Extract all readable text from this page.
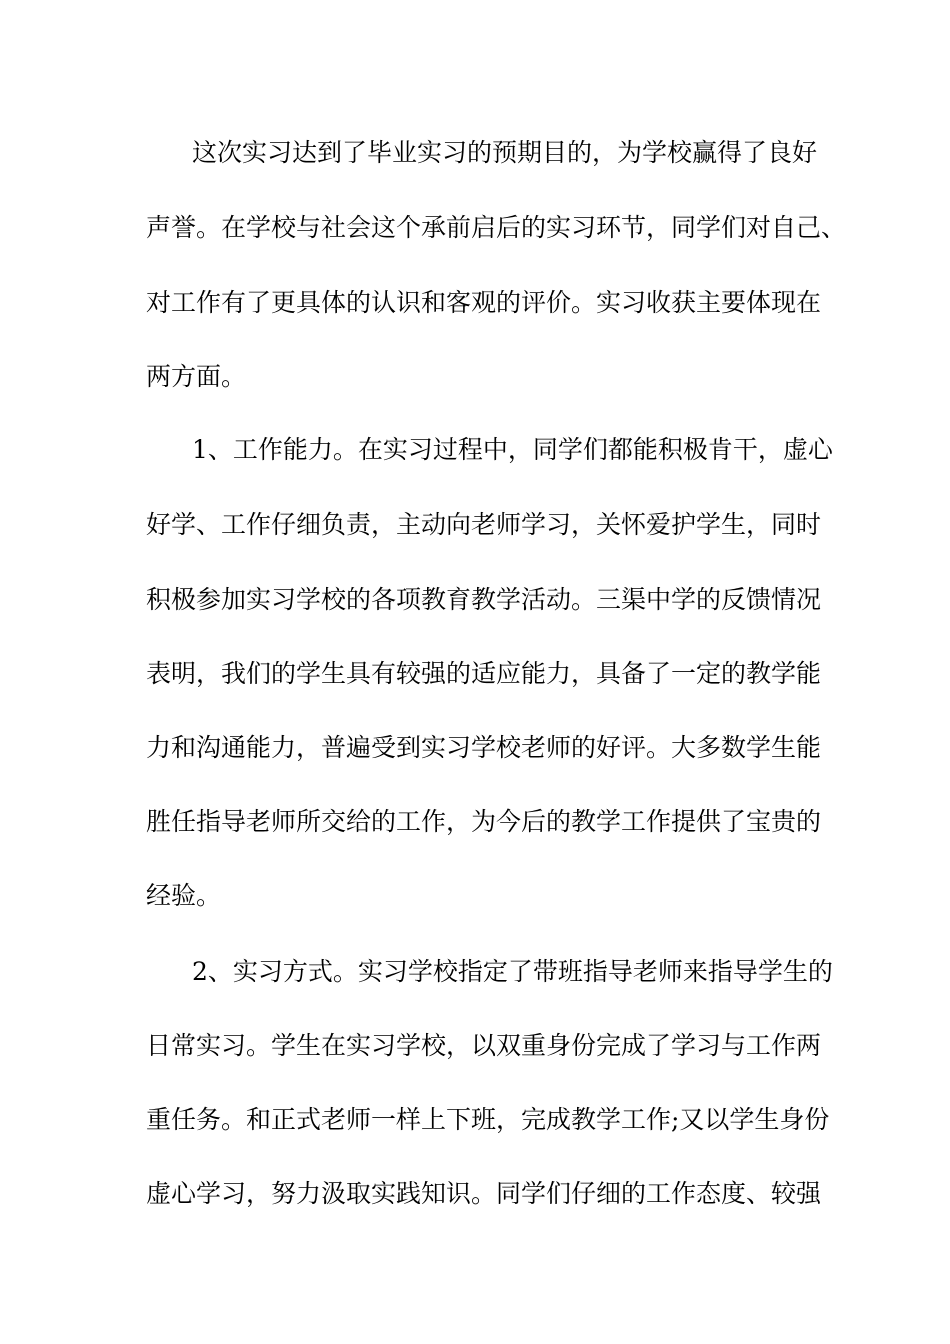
这次实习达到了毕业实习的预期目的，为学校赢得了良好
声誉。在学校与社会这个承前启后的实习环节，同学们对自己、
对工作有了更具体的认识和客观的评价。实习收获主要体现在
两方面。
1、工作能力。在实习过程中，同学们都能积极肯干，虚心
好学、工作仔细负责，主动向老师学习，关怀爱护学生，同时
积极参加实习学校的各项教育教学活动。三渠中学的反馈情况
表明，我们的学生具有较强的适应能力，具备了一定的教学能
力和沟通能力，普遍受到实习学校老师的好评。大多数学生能
胜任指导老师所交给的工作，为今后的教学工作提供了宝贵的
经验。
2、实习方式。实习学校指定了带班指导老师来指导学生的
日常实习。学生在实习学校，以双重身份完成了学习与工作两
重任务。和正式老师一样上下班，完成教学工作;又以学生身份
虚心学习，努力汲取实践知识。同学们仔细的工作态度、较强
